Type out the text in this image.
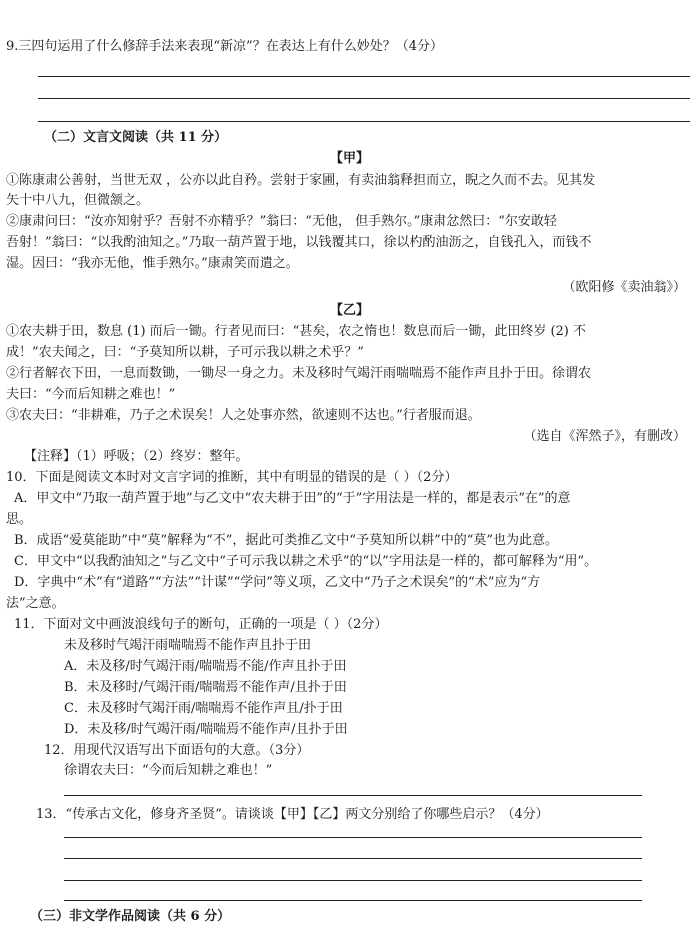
9.三四句运用了什么修辞手法来表现“新凉”？在表达上有什么妙处？（4分）
（二）文言文阅读（共 11 分）
【甲】
①陈康肃公善射，当世无双 ，公亦以此自矜。尝射于家圃，有卖油翁释担而立，睨之久而不去。见其发
矢十中八九，但微颔之。
②康肃问曰：“汝亦知射乎？吾射不亦精乎？”翁曰：“无他， 但手熟尔。”康肃忿然曰：“尔安敢轻
吾射！”翁曰：“以我酌油知之。”乃取一葫芦置于地，以钱覆其口，徐以杓酌油沥之，自钱孔入，而钱不
湿。因曰：“我亦无他，惟手熟尔。”康肃笑而遣之。
（欧阳修《卖油翁》）
【乙】
①农夫耕于田，数息 (1) 而后一锄。行者见而曰：“甚矣，农之惰也！数息而后一锄，此田终岁 (2) 不
成！”农夫闻之，曰：“予莫知所以耕，子可示我以耕之术乎？”
②行者解衣下田，一息而数锄，一锄尽一身之力。未及移时气竭汗雨喘喘焉不能作声且扑于田。徐谓农
夫曰：“今而后知耕之难也！”
③农夫曰：“非耕难，乃子之术误矣！人之处事亦然，欲速则不达也。”行者服而退。
（选自《浑然子》，有删改）
【注释】（1）呼吸；（2）终岁：整年。
10．下面是阅读文本时对文言字词的推断，其中有明显的错误的是（ ）（2分）
A．甲文中“乃取一葫芦置于地”与乙文中“农夫耕于田”的“于”字用法是一样的，都是表示“在”的意
思。
B．成语“爱莫能助”中“莫”解释为“不”，据此可类推乙文中“予莫知所以耕”中的“莫”也为此意。
C．甲文中“以我酌油知之”与乙文中“子可示我以耕之术乎”的“以”字用法是一样的，都可解释为“用”。
D．字典中“术”有“道路”“方法”“计谋”“学问”等义项，乙文中“乃子之术误矣”的“术”应为“方
法”之意。
11．下面对文中画波浪线句子的断句，正确的一项是（ ）（2分）
未及移时气竭汗雨喘喘焉不能作声且扑于田
A．未及移/时气竭汗雨/喘喘焉不能/作声且扑于田
B．未及移时/气竭汗雨/喘喘焉不能作声/且扑于田
C．未及移时气竭汗雨/喘喘焉不能作声且/扑于田
D．未及移/时气竭汗雨/喘喘焉不能作声/且扑于田
12．用现代汉语写出下面语句的大意。（3分）
徐谓农夫曰：“今而后知耕之难也！”
13．“传承古文化，修身齐圣贤”。请谈谈【甲】【乙】两文分别给了你哪些启示？（4分）
（三）非文学作品阅读（共 6 分）
